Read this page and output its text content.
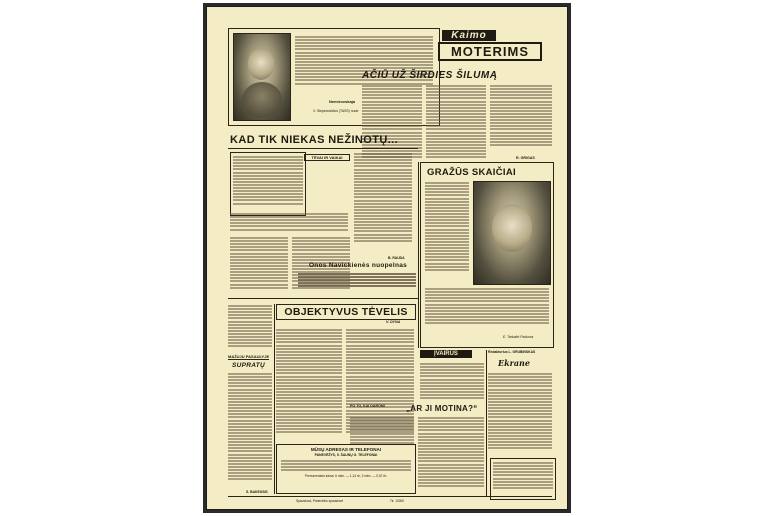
Nemirovskaja
V. Stepanovičius (TASS) nuotr.
Kaimo
MOTERIMS
AČIŪ UŽ ŠIRDIES ŠILUMĄ
R. GRIGAS
KAD TIK NIEKAS NEŽINOTŲ...
TĖVAI IR VAIKAI
B. RAUDA
GRAŽŪS SKAIČIAI
E. Tarkaitė-Paskova
Onos Navickienės nuopelnas
OBJEKTYVUS TĖVELIS
V. DYNA
MAŽUJU PASAULYJE
SUPRATŲ
S. BAKEUSIS
ĮVAIRŪS	Redaktorius L. GRUBINSKAS
Ekrane
PO TO, KAI DAROMI	„AR JI MOTINA?“
MŪSŲ ADRESAS IR TELEFONAI
PANEVĖŽYS, 5. ŠAUNŲ G. TELEFONAI
Prenumeratos kaina: 6 mėn. — 1,14 rb, 3 mėn. — 0,57 rb.
Spaustuva, Panevėžio spaustuvė	Tir. 10000
